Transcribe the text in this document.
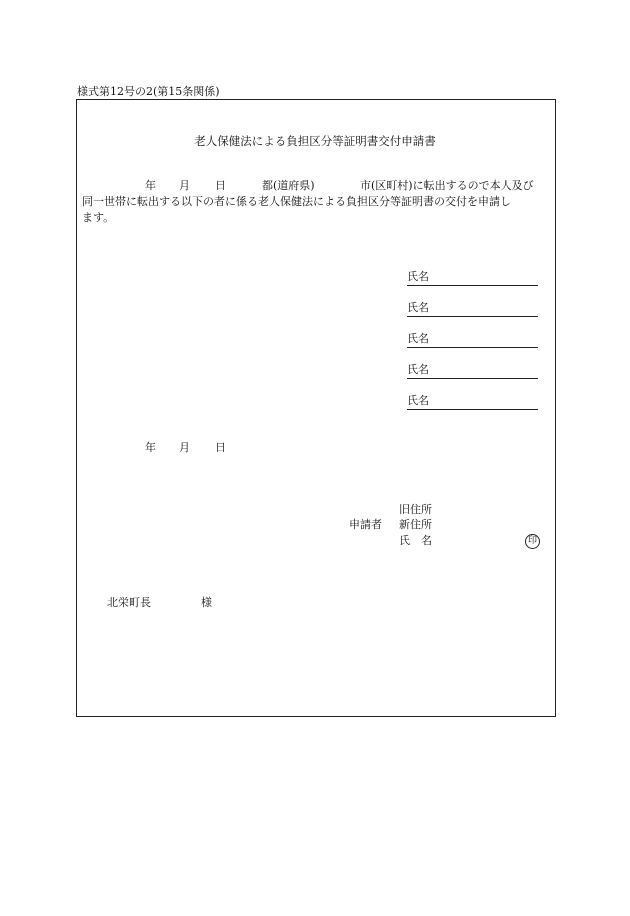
様式第12号の2(第15条関係)
老人保健法による負担区分等証明書交付申請書
年 月 日	都(道府県)	市(区町村)に転出するので本人及び
同一世帯に転出する以下の者に係る老人保健法による負担区分等証明書の交付を申請し
ます。
氏名
氏名
氏名
氏名
氏名
年 月 日
旧住所
申請者 新住所
氏　名	印
北栄町長	様
